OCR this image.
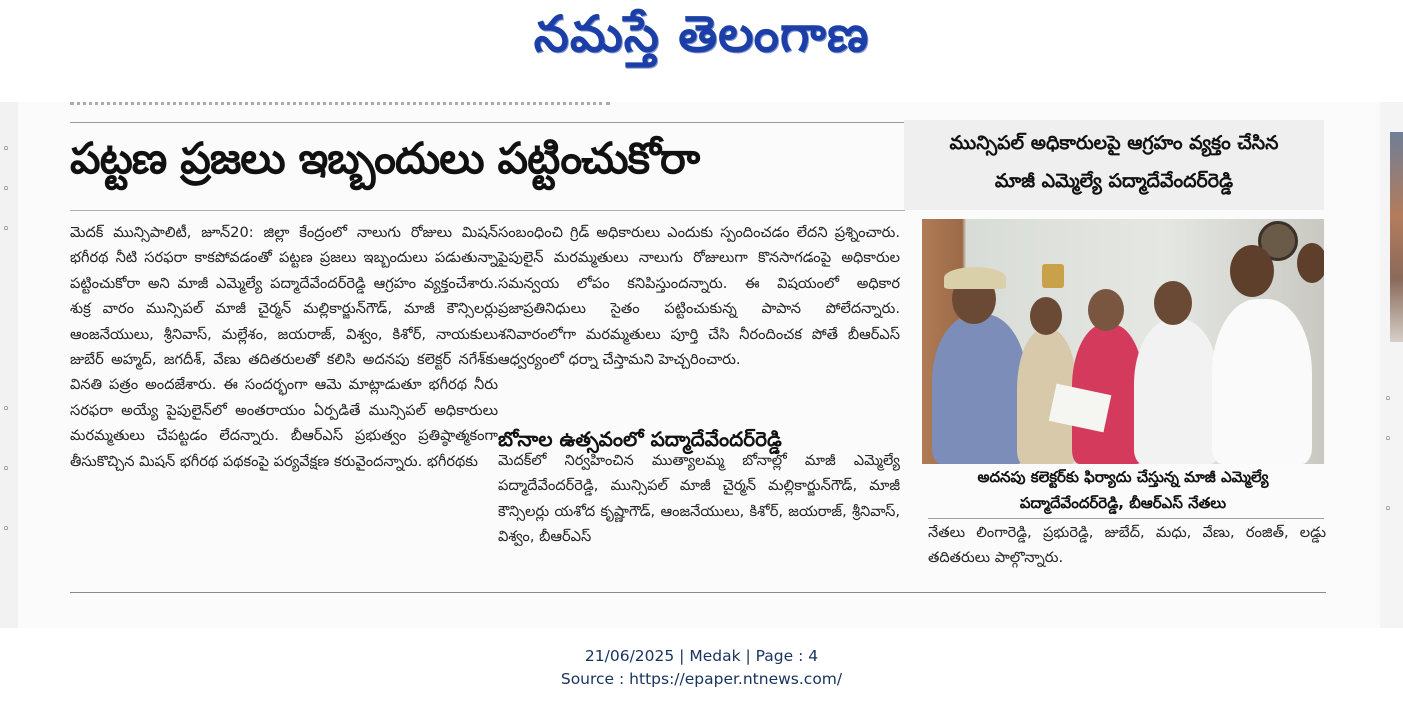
నమస్తే తెలంగాణ
◦
◦
◦
◦
◦
◦
పట్టణ ప్రజలు ఇబ్బందులు పట్టించుకోరా	మున్సిపల్ అధికారులపై ఆగ్రహం వ్యక్తం చేసిన
మాజీ ఎమ్మెల్యే పద్మాదేవేందర్‌రెడ్డి
మెదక్ మున్సిపాలిటీ, జూన్20: జిల్లా కేంద్రంలో నాలుగు రోజులు మిషన్ భగీరథ నీటి సరఫరా కాకపోవడంతో పట్టణ ప్రజలు ఇబ్బందులు పడుతున్నా పట్టించుకోరా అని మాజీ ఎమ్మెల్యే పద్మాదేవేందర్‌రెడ్డి ఆగ్రహం వ్యక్తంచేశారు. శుక్ర వారం మున్సిపల్ మాజీ చైర్మన్ మల్లికార్జున్‌గౌడ్, మాజీ కౌన్సిలర్లు ఆంజనేయులు, శ్రీనివాస్, మల్లేశం, జయరాజ్, విశ్వం, కిశోర్, నాయకులు జుబేర్ అహ్మద్, జగదీశ్, వేణు తదితరులతో కలిసి అదనపు కలెక్టర్ నగేశ్‌కు వినతి పత్రం అందజేశారు. ఈ సందర్భంగా ఆమె మాట్లాడుతూ భగీరథ నీరు సరఫరా అయ్యే పైపులైన్‌లో అంతరాయం ఏర్పడితే మున్సిపల్ అధికారులు మరమ్మతులు చేపట్టడం లేదన్నారు. బీఆర్‌ఎస్ ప్రభుత్వం ప్రతిష్ఠాత్మకంగా తీసుకొచ్చిన మిషన్ భగీరథ పథకంపై పర్యవేక్షణ కరువైందన్నారు. భగీరథకు
సంబంధించి గ్రిడ్ అధికారులు ఎందుకు స్పందించడం లేదని ప్రశ్నించారు. పైపులైన్ మరమ్మతులు నాలుగు రోజులుగా కొనసాగడంపై అధికారుల సమన్వయ లోపం కనిపిస్తుందన్నారు. ఈ విషయంలో అధికార ప్రజాప్రతినిధులు సైతం పట్టించుకున్న పాపాన పోలేదన్నారు. శనివారంలోగా మరమ్మతులు పూర్తి చేసి నీరందించక పోతే బీఆర్‌ఎస్ ఆధ్వర్యంలో ధర్నా చేస్తామని హెచ్చరించారు.
బోనాల ఉత్సవంలో పద్మాదేవేందర్‌రెడ్డి
మెదక్‌లో నిర్వహించిన ముత్యాలమ్మ బోనాల్లో మాజీ ఎమ్మెల్యే పద్మాదేవేందర్‌రెడ్డి, మున్సిపల్ మాజీ చైర్మన్ మల్లికార్జున్‌గౌడ్, మాజీ కౌన్సిలర్లు యశోద కృష్ణాగౌడ్, ఆంజనేయులు, కిశోర్, జయరాజ్, శ్రీనివాస్, విశ్వం, బీఆర్‌ఎస్
అదనపు కలెక్టర్‌కు ఫిర్యాదు చేస్తున్న మాజీ ఎమ్మెల్యే
పద్మాదేవేందర్‌రెడ్డి, బీఆర్‌ఎస్ నేతలు
నేతలు లింగారెడ్డి, ప్రభురెడ్డి, జుబేద్, మధు, వేణు, రంజిత్, లడ్డు తదితరులు పాల్గొన్నారు.
◦
◦
◦
21/06/2025 | Medak | Page : 4
Source : https://epaper.ntnews.com/
